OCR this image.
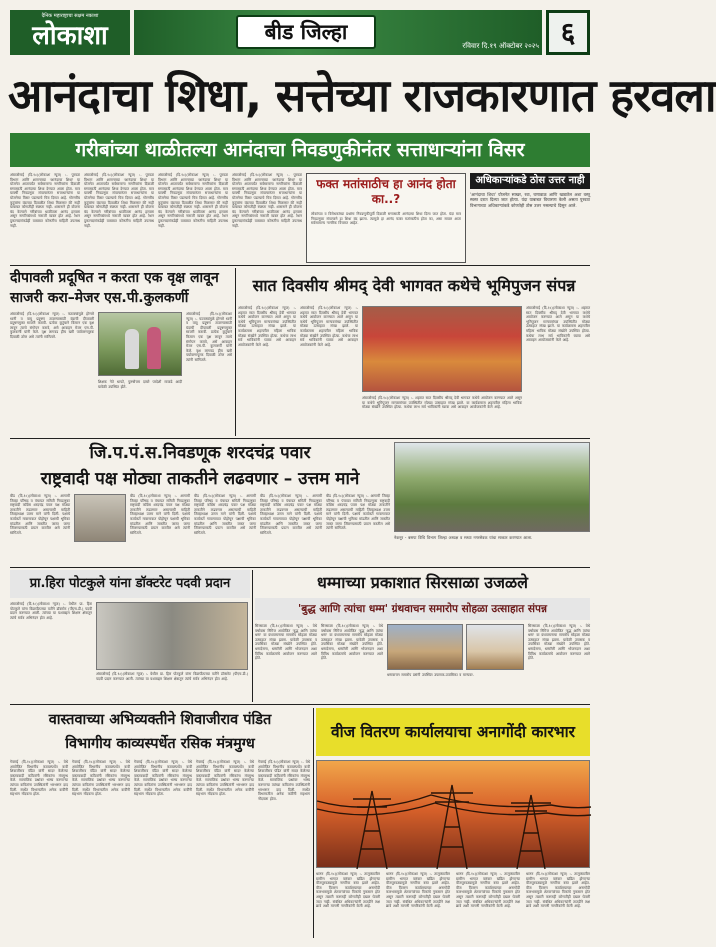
दैनिक महाराष्ट्राचा सक्षम नकाशा
लोकाशा	बीड जिल्हा
रविवार दि.१९ ऑक्टोबर २०२५ ६
आनंदाचा शिधा, सत्तेच्या राजकारणात हरवला
गरीबांच्या थाळीतल्या आनंदाचा निवडणुकीनंतर सत्ताधाऱ्यांना विसर
अंबाजोगाई (दि.१८)(लोकाशा न्यूज) :- पुरवठा विभाग आणि शासनाच्या 'आनंदाचा शिधा' या योजनेत आतापर्यंत सर्वसामान्य नागरिकांना दिवाळी सणासाठी आनंदाचा शिधा देण्यात आला होता. मात्र यावर्षी निवडणूक संपल्यानंतर सत्ताधाऱ्यांना या योजनेचा विसर पडल्याचे चित्र दिसत आहे. गोरगरीब कुटुंबांना यंदाच्या दिवाळीत शिधा मिळणार की नाही याबाबत कोणतीही स्पष्टता नाही. शासनाने ही योजना बंद केल्याने गरीबांच्या थाळीतला आनंद हरवला असून नागरिकांमध्ये नाराजी व्यक्त होत आहे. रेशन दुकानदारांकडेही याबाबत कोणतीच माहिती उपलब्ध नाही.
अंबाजोगाई (दि.१८)(लोकाशा न्यूज) :- पुरवठा विभाग आणि शासनाच्या 'आनंदाचा शिधा' या योजनेत आतापर्यंत सर्वसामान्य नागरिकांना दिवाळी सणासाठी आनंदाचा शिधा देण्यात आला होता. मात्र यावर्षी निवडणूक संपल्यानंतर सत्ताधाऱ्यांना या योजनेचा विसर पडल्याचे चित्र दिसत आहे. गोरगरीब कुटुंबांना यंदाच्या दिवाळीत शिधा मिळणार की नाही याबाबत कोणतीही स्पष्टता नाही. शासनाने ही योजना बंद केल्याने गरीबांच्या थाळीतला आनंद हरवला असून नागरिकांमध्ये नाराजी व्यक्त होत आहे. रेशन दुकानदारांकडेही याबाबत कोणतीच माहिती उपलब्ध नाही.
अंबाजोगाई (दि.१८)(लोकाशा न्यूज) :- पुरवठा विभाग आणि शासनाच्या 'आनंदाचा शिधा' या योजनेत आतापर्यंत सर्वसामान्य नागरिकांना दिवाळी सणासाठी आनंदाचा शिधा देण्यात आला होता. मात्र यावर्षी निवडणूक संपल्यानंतर सत्ताधाऱ्यांना या योजनेचा विसर पडल्याचे चित्र दिसत आहे. गोरगरीब कुटुंबांना यंदाच्या दिवाळीत शिधा मिळणार की नाही याबाबत कोणतीही स्पष्टता नाही. शासनाने ही योजना बंद केल्याने गरीबांच्या थाळीतला आनंद हरवला असून नागरिकांमध्ये नाराजी व्यक्त होत आहे. रेशन दुकानदारांकडेही याबाबत कोणतीच माहिती उपलब्ध नाही.
अंबाजोगाई (दि.१८)(लोकाशा न्यूज) :- पुरवठा विभाग आणि शासनाच्या 'आनंदाचा शिधा' या योजनेत आतापर्यंत सर्वसामान्य नागरिकांना दिवाळी सणासाठी आनंदाचा शिधा देण्यात आला होता. मात्र यावर्षी निवडणूक संपल्यानंतर सत्ताधाऱ्यांना या योजनेचा विसर पडल्याचे चित्र दिसत आहे. गोरगरीब कुटुंबांना यंदाच्या दिवाळीत शिधा मिळणार की नाही याबाबत कोणतीही स्पष्टता नाही. शासनाने ही योजना बंद केल्याने गरीबांच्या थाळीतला आनंद हरवला असून नागरिकांमध्ये नाराजी व्यक्त होत आहे. रेशन दुकानदारांकडेही याबाबत कोणतीच माहिती उपलब्ध नाही.
फक्त मतांसाठीच हा आनंद होता का..?
लोकांच्या व विरोधकांच्या प्रश्नांना निवडणुकीपूर्वी दिवाळी सणासाठी आनंदाचा शिधा दिला जात होता. यंदा मात्र निवडणुका संपल्याने हा शिधा बंद झाला. त्यामुळे हा आनंद फक्त मतांसाठीच होता का, असा सवाल आता सर्वसामान्य नागरिक विचारत आहेत.
अधिकाऱ्यांकडे ठोस उत्तर नाही
'आनंदाचा शिधा' योजनेत साखर, रवा, चणाडाळ आणि खाद्यतेल अशा वस्तू स्वस्त दरात दिल्या जात होत्या. यंदा याबाबत विचारणा केली असता पुरवठा विभागाच्या अधिकाऱ्यांकडे कोणतेही ठोस उत्तर नसल्याचे दिसून आले.
दीपावली प्रदूषित न करता एक वृक्ष लावून साजरी करा–मेजर एस.पी.कुलकर्णी
अंबाजोगाई (दि.१८)(लोकाशा न्यूज) :- फटाक्यांमुळे होणारे ध्वनी व वायू प्रदूषण टाळण्यासाठी यंदाची दीपावली प्रदूषणमुक्त साजरी करावी. प्रत्येक कुटुंबाने किमान एक वृक्ष लावून त्याचे संगोपन करावे, असे आवाहन मेजर एस.पी. कुलकर्णी यांनी केले. वृक्ष लागवड हीच खरी पर्यावरणपूरक दिवाळी ठरेल असे त्यांनी सांगितले.
शिक्षक नेते धापटे, पुरुषोत्तम दाबरे परदेशी मायाडे आदी यावेळी उपस्थित होते.
अंबाजोगाई (दि.१८)(लोकाशा न्यूज) :- फटाक्यांमुळे होणारे ध्वनी व वायू प्रदूषण टाळण्यासाठी यंदाची दीपावली प्रदूषणमुक्त साजरी करावी. प्रत्येक कुटुंबाने किमान एक वृक्ष लावून त्याचे संगोपन करावे, असे आवाहन मेजर एस.पी. कुलकर्णी यांनी केले. वृक्ष लागवड हीच खरी पर्यावरणपूरक दिवाळी ठरेल असे त्यांनी सांगितले.
सात दिवसीय श्रीमद् देवी भागवत कथेचे भूमिपुजन संपन्न
अंबाजोगाई (दि.१८)(लोकाशा न्यूज) :- शहरात सात दिवसीय श्रीमद् देवी भागवत कथेचे आयोजन करण्यात आले असून या कथेचे भूमिपूजन मान्यवरांच्या उपस्थितीत मोठ्या उत्साहात संपन्न झाले. या कार्यक्रमास शहरातील महिला भाविक मोठ्या संख्येने उपस्थित होत्या. कथेचा लाभ सर्व भाविकांनी घ्यावा असे आवाहन आयोजकांनी केले आहे.
अंबाजोगाई (दि.१८)(लोकाशा न्यूज) :- शहरात सात दिवसीय श्रीमद् देवी भागवत कथेचे आयोजन करण्यात आले असून या कथेचे भूमिपूजन मान्यवरांच्या उपस्थितीत मोठ्या उत्साहात संपन्न झाले. या कार्यक्रमास शहरातील महिला भाविक मोठ्या संख्येने उपस्थित होत्या. कथेचा लाभ सर्व भाविकांनी घ्यावा असे आवाहन आयोजकांनी केले आहे.
अंबाजोगाई (दि.१८)(लोकाशा न्यूज) :- शहरात सात दिवसीय श्रीमद् देवी भागवत कथेचे आयोजन करण्यात आले असून या कथेचे भूमिपूजन मान्यवरांच्या उपस्थितीत मोठ्या उत्साहात संपन्न झाले. या कार्यक्रमास शहरातील महिला भाविक मोठ्या संख्येने उपस्थित होत्या. कथेचा लाभ सर्व भाविकांनी घ्यावा असे आवाहन आयोजकांनी केले आहे.
अंबाजोगाई (दि.१८)(लोकाशा न्यूज) :- शहरात सात दिवसीय श्रीमद् देवी भागवत कथेचे आयोजन करण्यात आले असून या कथेचे भूमिपूजन मान्यवरांच्या उपस्थितीत मोठ्या उत्साहात संपन्न झाले. या कार्यक्रमास शहरातील महिला भाविक मोठ्या संख्येने उपस्थित होत्या. कथेचा लाभ सर्व भाविकांनी घ्यावा असे आवाहन आयोजकांनी केले आहे.
जि.प.पं.स.निवडणूक शरदचंद्र पवार
राष्ट्रवादी पक्ष मोठ्या ताकतीने लढवणार – उत्तम माने
बीड (दि.१८)(लोकाशा न्यूज) :- आगामी जिल्हा परिषद व पंचायत समिती निवडणुका राष्ट्रवादी काँग्रेस शरदचंद्र पवार पक्ष मोठ्या ताकतीने लढवणार असल्याची माहिती जिल्हाध्यक्ष उत्तम माने यांनी दिली. पक्षाचे कार्यकर्ते गावागावात पोहोचून पक्षाची भूमिका मांडतील आणि जास्तीत जास्त जागा जिंकण्यासाठी प्रयत्न करतील असे त्यांनी सांगितले.
बीड (दि.१८)(लोकाशा न्यूज) :- आगामी जिल्हा परिषद व पंचायत समिती निवडणुका राष्ट्रवादी काँग्रेस शरदचंद्र पवार पक्ष मोठ्या ताकतीने लढवणार असल्याची माहिती जिल्हाध्यक्ष उत्तम माने यांनी दिली. पक्षाचे कार्यकर्ते गावागावात पोहोचून पक्षाची भूमिका मांडतील आणि जास्तीत जास्त जागा जिंकण्यासाठी प्रयत्न करतील असे त्यांनी सांगितले.
बीड (दि.१८)(लोकाशा न्यूज) :- आगामी जिल्हा परिषद व पंचायत समिती निवडणुका राष्ट्रवादी काँग्रेस शरदचंद्र पवार पक्ष मोठ्या ताकतीने लढवणार असल्याची माहिती जिल्हाध्यक्ष उत्तम माने यांनी दिली. पक्षाचे कार्यकर्ते गावागावात पोहोचून पक्षाची भूमिका मांडतील आणि जास्तीत जास्त जागा जिंकण्यासाठी प्रयत्न करतील असे त्यांनी सांगितले.
बीड (दि.१८)(लोकाशा न्यूज) :- आगामी जिल्हा परिषद व पंचायत समिती निवडणुका राष्ट्रवादी काँग्रेस शरदचंद्र पवार पक्ष मोठ्या ताकतीने लढवणार असल्याची माहिती जिल्हाध्यक्ष उत्तम माने यांनी दिली. पक्षाचे कार्यकर्ते गावागावात पोहोचून पक्षाची भूमिका मांडतील आणि जास्तीत जास्त जागा जिंकण्यासाठी प्रयत्न करतील असे त्यांनी सांगितले.
बीड (दि.१८)(लोकाशा न्यूज) :- आगामी जिल्हा परिषद व पंचायत समिती निवडणुका राष्ट्रवादी काँग्रेस शरदचंद्र पवार पक्ष मोठ्या ताकतीने लढवणार असल्याची माहिती जिल्हाध्यक्ष उत्तम माने यांनी दिली. पक्षाचे कार्यकर्ते गावागावात पोहोचून पक्षाची भूमिका मांडतील आणि जास्तीत जास्त जागा जिंकण्यासाठी प्रयत्न करतील असे त्यांनी सांगितले.
नेकनूर - बसपा विधि विभाग जिल्हा अध्यक्ष व सध्या नगरसेवक यांचा सत्कार करण्यात आला.
प्रा.हिरा पोटकुले यांना डॉक्टरेट पदवी प्रदान
अंबाजोगाई (दि.१८)(लोकाशा न्यूज) :- येथील प्रा. हिरा पोटकुले यांना विद्यापीठाच्या वतीने डॉक्टरेट (पीएच.डी.) पदवी प्रदान करण्यात आली. त्यांच्या या यशाबद्दल शिक्षण क्षेत्रातून त्यांचे सर्वत्र अभिनंदन होत आहे.
अंबाजोगाई (दि.१८)(लोकाशा न्यूज) :- येथील प्रा. हिरा पोटकुले यांना विद्यापीठाच्या वतीने डॉक्टरेट (पीएच.डी.) पदवी प्रदान करण्यात आली. त्यांच्या या यशाबद्दल शिक्षण क्षेत्रातून त्यांचे सर्वत्र अभिनंदन होत आहे.
धम्माच्या प्रकाशात सिरसाळा उजळले
'बुद्ध आणि त्यांचा धम्म' ग्रंथवाचन समारोप सोहळा उत्साहात संपन्न
सिरसाळा (दि.१८)(लोकाशा न्यूज) :- येथे वर्षावास निमित्त आयोजित 'बुद्ध आणि त्यांचा धम्म' या ग्रंथवाचनाचा समारोप सोहळा मोठ्या उत्साहात संपन्न झाला. यावेळी उपासक व उपासिका मोठ्या संख्येने उपस्थित होते. धम्मदेसना, धम्मरॅली आणि भोजनदान अशा विविध कार्यक्रमांचे आयोजन करण्यात आले होते.
सिरसाळा (दि.१८)(लोकाशा न्यूज) :- येथे वर्षावास निमित्त आयोजित 'बुद्ध आणि त्यांचा धम्म' या ग्रंथवाचनाचा समारोप सोहळा मोठ्या उत्साहात संपन्न झाला. यावेळी उपासक व उपासिका मोठ्या संख्येने उपस्थित होते. धम्मदेसना, धम्मरॅली आणि भोजनदान अशा विविध कार्यक्रमांचे आयोजन करण्यात आले होते.
धम्मवाचन समारोप प्रसंगी उपस्थित उपासक-उपासिका व मान्यवर.
सिरसाळा (दि.१८)(लोकाशा न्यूज) :- येथे वर्षावास निमित्त आयोजित 'बुद्ध आणि त्यांचा धम्म' या ग्रंथवाचनाचा समारोप सोहळा मोठ्या उत्साहात संपन्न झाला. यावेळी उपासक व उपासिका मोठ्या संख्येने उपस्थित होते. धम्मदेसना, धम्मरॅली आणि भोजनदान अशा विविध कार्यक्रमांचे आयोजन करण्यात आले होते.
वास्तवाच्या अभिव्यक्तीने शिवाजीराव पंडित
विभागीय काव्यस्पर्धेत रसिक मंत्रमुग्ध
गेवराई (दि.१८)(लोकाशा न्यूज) :- येथे आयोजित विभागीय काव्यस्पर्धेत कवी शिवाजीराव पंडित यांनी सादर केलेल्या वास्तववादी कवितांनी रसिकांना मंत्रमुग्ध केले. सामाजिक प्रश्नांवर भाष्य करणाऱ्या त्यांच्या कवितांना उपस्थितांनी भरभरून दाद दिली. स्पर्धेत विभागातील अनेक कवींनी सहभाग नोंदवला होता.
गेवराई (दि.१८)(लोकाशा न्यूज) :- येथे आयोजित विभागीय काव्यस्पर्धेत कवी शिवाजीराव पंडित यांनी सादर केलेल्या वास्तववादी कवितांनी रसिकांना मंत्रमुग्ध केले. सामाजिक प्रश्नांवर भाष्य करणाऱ्या त्यांच्या कवितांना उपस्थितांनी भरभरून दाद दिली. स्पर्धेत विभागातील अनेक कवींनी सहभाग नोंदवला होता.
गेवराई (दि.१८)(लोकाशा न्यूज) :- येथे आयोजित विभागीय काव्यस्पर्धेत कवी शिवाजीराव पंडित यांनी सादर केलेल्या वास्तववादी कवितांनी रसिकांना मंत्रमुग्ध केले. सामाजिक प्रश्नांवर भाष्य करणाऱ्या त्यांच्या कवितांना उपस्थितांनी भरभरून दाद दिली. स्पर्धेत विभागातील अनेक कवींनी सहभाग नोंदवला होता.
गेवराई (दि.१८)(लोकाशा न्यूज) :- येथे आयोजित विभागीय काव्यस्पर्धेत कवी शिवाजीराव पंडित यांनी सादर केलेल्या वास्तववादी कवितांनी रसिकांना मंत्रमुग्ध केले. सामाजिक प्रश्नांवर भाष्य करणाऱ्या त्यांच्या कवितांना उपस्थितांनी भरभरून दाद दिली. स्पर्धेत विभागातील अनेक कवींनी सहभाग नोंदवला होता.
गेवराई (दि.१८)(लोकाशा न्यूज) :- येथे आयोजित विभागीय काव्यस्पर्धेत कवी शिवाजीराव पंडित यांनी सादर केलेल्या वास्तववादी कवितांनी रसिकांना मंत्रमुग्ध केले. सामाजिक प्रश्नांवर भाष्य करणाऱ्या त्यांच्या कवितांना उपस्थितांनी भरभरून दाद दिली. स्पर्धेत विभागातील अनेक कवींनी सहभाग नोंदवला होता.
वीज वितरण कार्यालयाचा अनागोंदी कारभार
धारूर (दि.१८)(लोकाशा न्यूज) :- तालुक्यातील ग्रामीण भागात वारंवार खंडित होणाऱ्या वीजपुरवठ्यामुळे नागरिक त्रस्त झाले आहेत. वीज वितरण कार्यालयाच्या अनागोंदी कारभारामुळे शेतकऱ्यांच्या पिकांचे नुकसान होत असून तक्रारी करूनही कोणतीही दखल घेतली जात नाही. संबंधित अधिकाऱ्यांनी तातडीने लक्ष द्यावे अशी मागणी नागरिकांनी केली आहे.
धारूर (दि.१८)(लोकाशा न्यूज) :- तालुक्यातील ग्रामीण भागात वारंवार खंडित होणाऱ्या वीजपुरवठ्यामुळे नागरिक त्रस्त झाले आहेत. वीज वितरण कार्यालयाच्या अनागोंदी कारभारामुळे शेतकऱ्यांच्या पिकांचे नुकसान होत असून तक्रारी करूनही कोणतीही दखल घेतली जात नाही. संबंधित अधिकाऱ्यांनी तातडीने लक्ष द्यावे अशी मागणी नागरिकांनी केली आहे.
धारूर (दि.१८)(लोकाशा न्यूज) :- तालुक्यातील ग्रामीण भागात वारंवार खंडित होणाऱ्या वीजपुरवठ्यामुळे नागरिक त्रस्त झाले आहेत. वीज वितरण कार्यालयाच्या अनागोंदी कारभारामुळे शेतकऱ्यांच्या पिकांचे नुकसान होत असून तक्रारी करूनही कोणतीही दखल घेतली जात नाही. संबंधित अधिकाऱ्यांनी तातडीने लक्ष द्यावे अशी मागणी नागरिकांनी केली आहे.
धारूर (दि.१८)(लोकाशा न्यूज) :- तालुक्यातील ग्रामीण भागात वारंवार खंडित होणाऱ्या वीजपुरवठ्यामुळे नागरिक त्रस्त झाले आहेत. वीज वितरण कार्यालयाच्या अनागोंदी कारभारामुळे शेतकऱ्यांच्या पिकांचे नुकसान होत असून तक्रारी करूनही कोणतीही दखल घेतली जात नाही. संबंधित अधिकाऱ्यांनी तातडीने लक्ष द्यावे अशी मागणी नागरिकांनी केली आहे.
